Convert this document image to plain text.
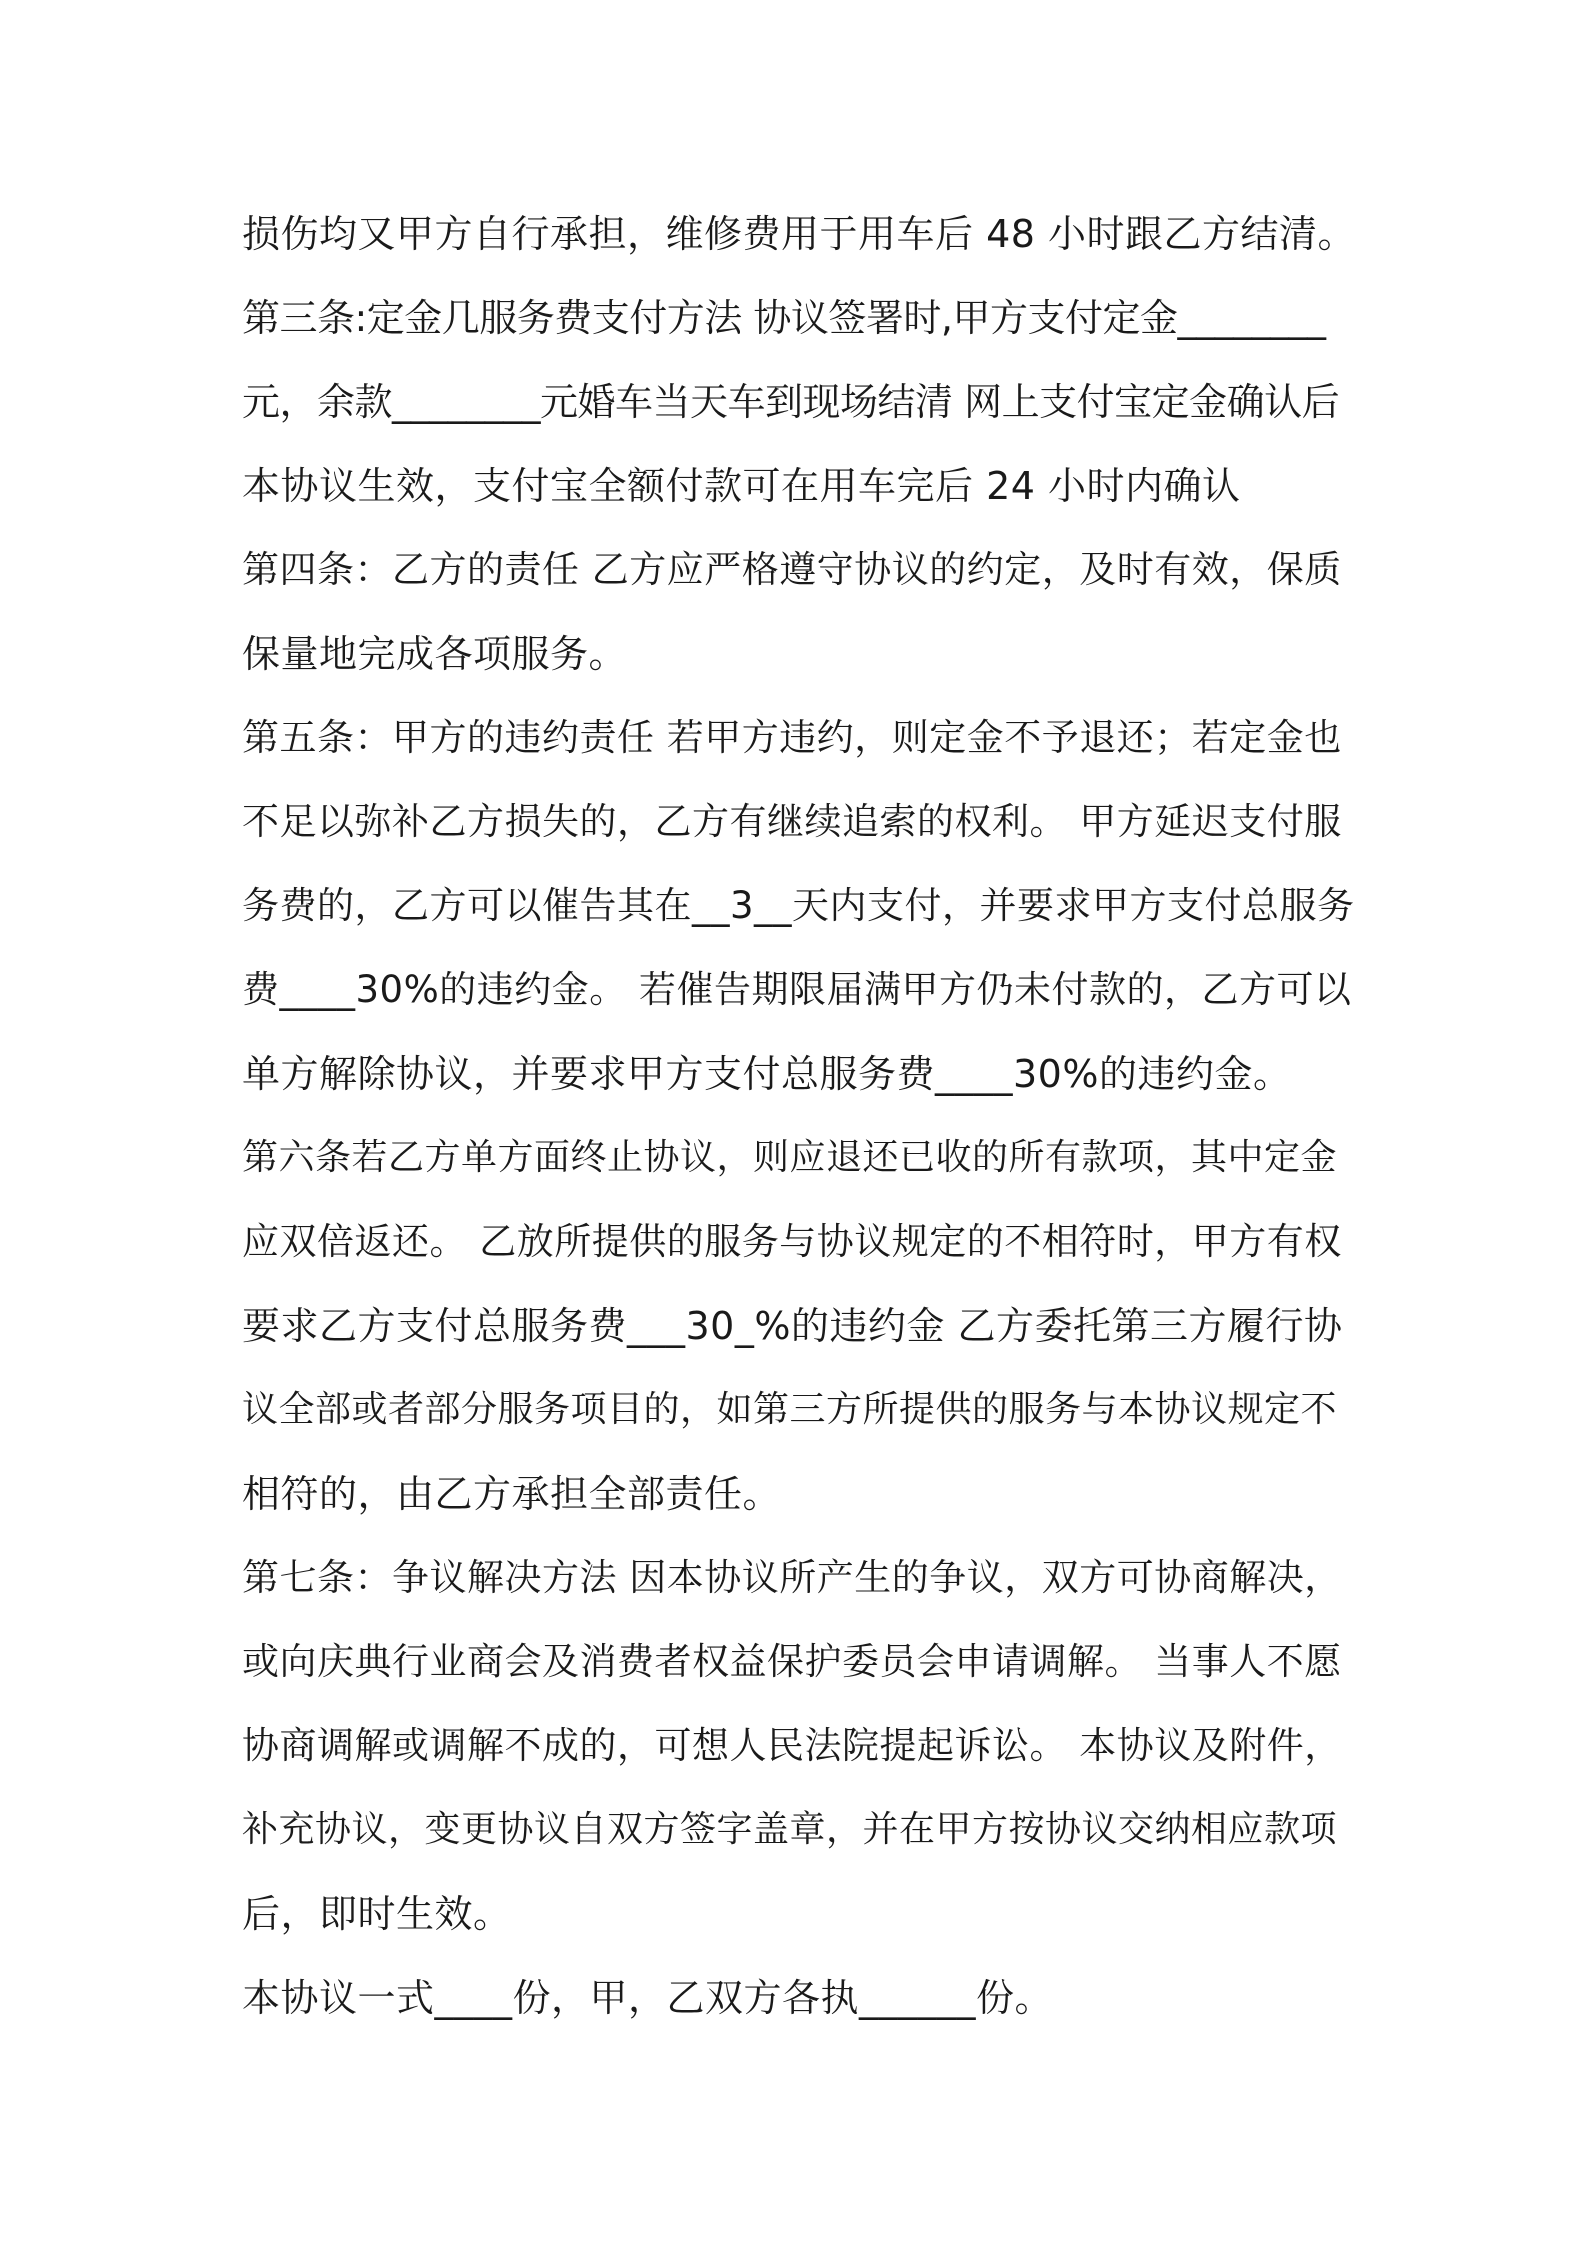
损伤均又甲方自行承担，维修费用于用车后 48 小时跟乙方结清。
第三条:定金几服务费支付方法 协议签署时,甲方支付定金________
元，余款________元婚车当天车到现场结清 网上支付宝定金确认后
本协议生效，支付宝全额付款可在用车完后 24 小时内确认
第四条：乙方的责任 乙方应严格遵守协议的约定，及时有效，保质
保量地完成各项服务。
第五条：甲方的违约责任 若甲方违约，则定金不予退还；若定金也
不足以弥补乙方损失的，乙方有继续追索的权利。 甲方延迟支付服
务费的，乙方可以催告其在__3__天内支付，并要求甲方支付总服务
费____30%的违约金。 若催告期限届满甲方仍未付款的，乙方可以
单方解除协议，并要求甲方支付总服务费____30%的违约金。
第六条若乙方单方面终止协议，则应退还已收的所有款项，其中定金
应双倍返还。 乙放所提供的服务与协议规定的不相符时，甲方有权
要求乙方支付总服务费___30_%的违约金 乙方委托第三方履行协
议全部或者部分服务项目的，如第三方所提供的服务与本协议规定不
相符的，由乙方承担全部责任。
第七条：争议解决方法 因本协议所产生的争议，双方可协商解决，
或向庆典行业商会及消费者权益保护委员会申请调解。 当事人不愿
协商调解或调解不成的，可想人民法院提起诉讼。 本协议及附件，
补充协议，变更协议自双方签字盖章，并在甲方按协议交纳相应款项
后，即时生效。
本协议一式____份，甲，乙双方各执______份。
